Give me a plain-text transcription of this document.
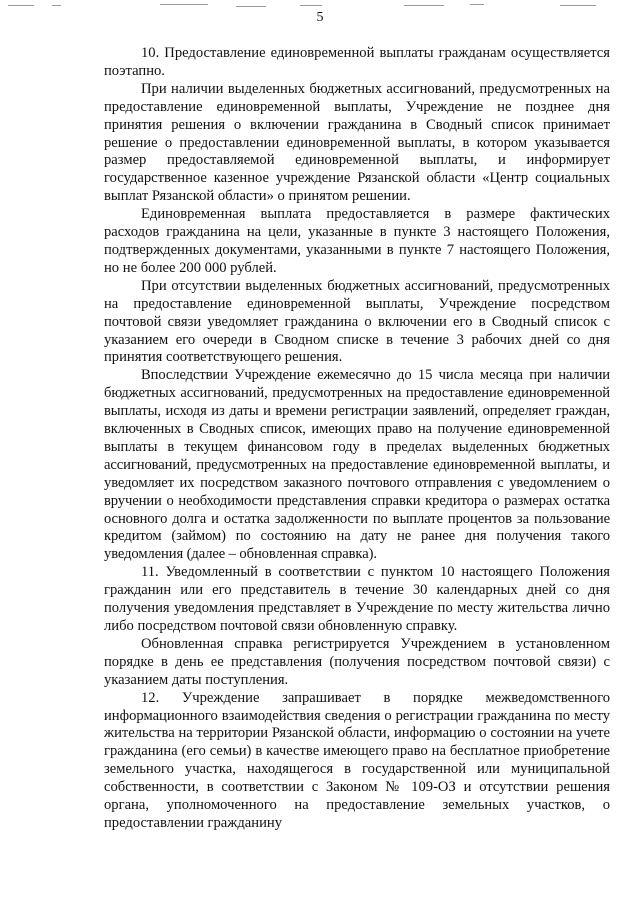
5

10. Предоставление единовременной выплаты гражданам осуществляется поэтапно.

При наличии выделенных бюджетных ассигнований, предусмотренных на предоставление единовременной выплаты, Учреждение не позднее дня принятия решения о включении гражданина в Сводный список принимает решение о предоставлении единовременной выплаты, в котором указывается размер предоставляемой единовременной выплаты, и информирует государственное казенное учреждение Рязанской области «Центр социальных выплат Рязанской области» о принятом решении.

Единовременная выплата предоставляется в размере фактических расходов гражданина на цели, указанные в пункте 3 настоящего Положения, подтвержденных документами, указанными в пункте 7 настоящего Положения, но не более 200 000 рублей.

При отсутствии выделенных бюджетных ассигнований, предусмотренных на предоставление единовременной выплаты, Учреждение посредством почтовой связи уведомляет гражданина о включении его в Сводный список с указанием его очереди в Сводном списке в течение 3 рабочих дней со дня принятия соответствующего решения.

Впоследствии Учреждение ежемесячно до 15 числа месяца при наличии бюджетных ассигнований, предусмотренных на предоставление единовременной выплаты, исходя из даты и времени регистрации заявлений, определяет граждан, включенных в Сводных список, имеющих право на получение единовременной выплаты в текущем финансовом году в пределах выделенных бюджетных ассигнований, предусмотренных на предоставление единовременной выплаты, и уведомляет их посредством заказного почтового отправления с уведомлением о вручении о необходимости представления справки кредитора о размерах остатка основного долга и остатка задолженности по выплате процентов за пользование кредитом (займом) по состоянию на дату не ранее дня получения такого уведомления (далее – обновленная справка).

11. Уведомленный в соответствии с пунктом 10 настоящего Положения гражданин или его представитель в течение 30 календарных дней со дня получения уведомления представляет в Учреждение по месту жительства лично либо посредством почтовой связи обновленную справку.

Обновленная справка регистрируется Учреждением в установленном порядке в день ее представления (получения посредством почтовой связи) с указанием даты поступления.

12. Учреждение запрашивает в порядке межведомственного информационного взаимодействия сведения о регистрации гражданина по месту жительства на территории Рязанской области, информацию о состоянии на учете гражданина (его семьи) в качестве имеющего право на бесплатное приобретение земельного участка, находящегося в государственной или муниципальной собственности, в соответствии с Законом № 109-ОЗ и отсутствии решения органа, уполномоченного на предоставление земельных участков, о предоставлении гражданину
